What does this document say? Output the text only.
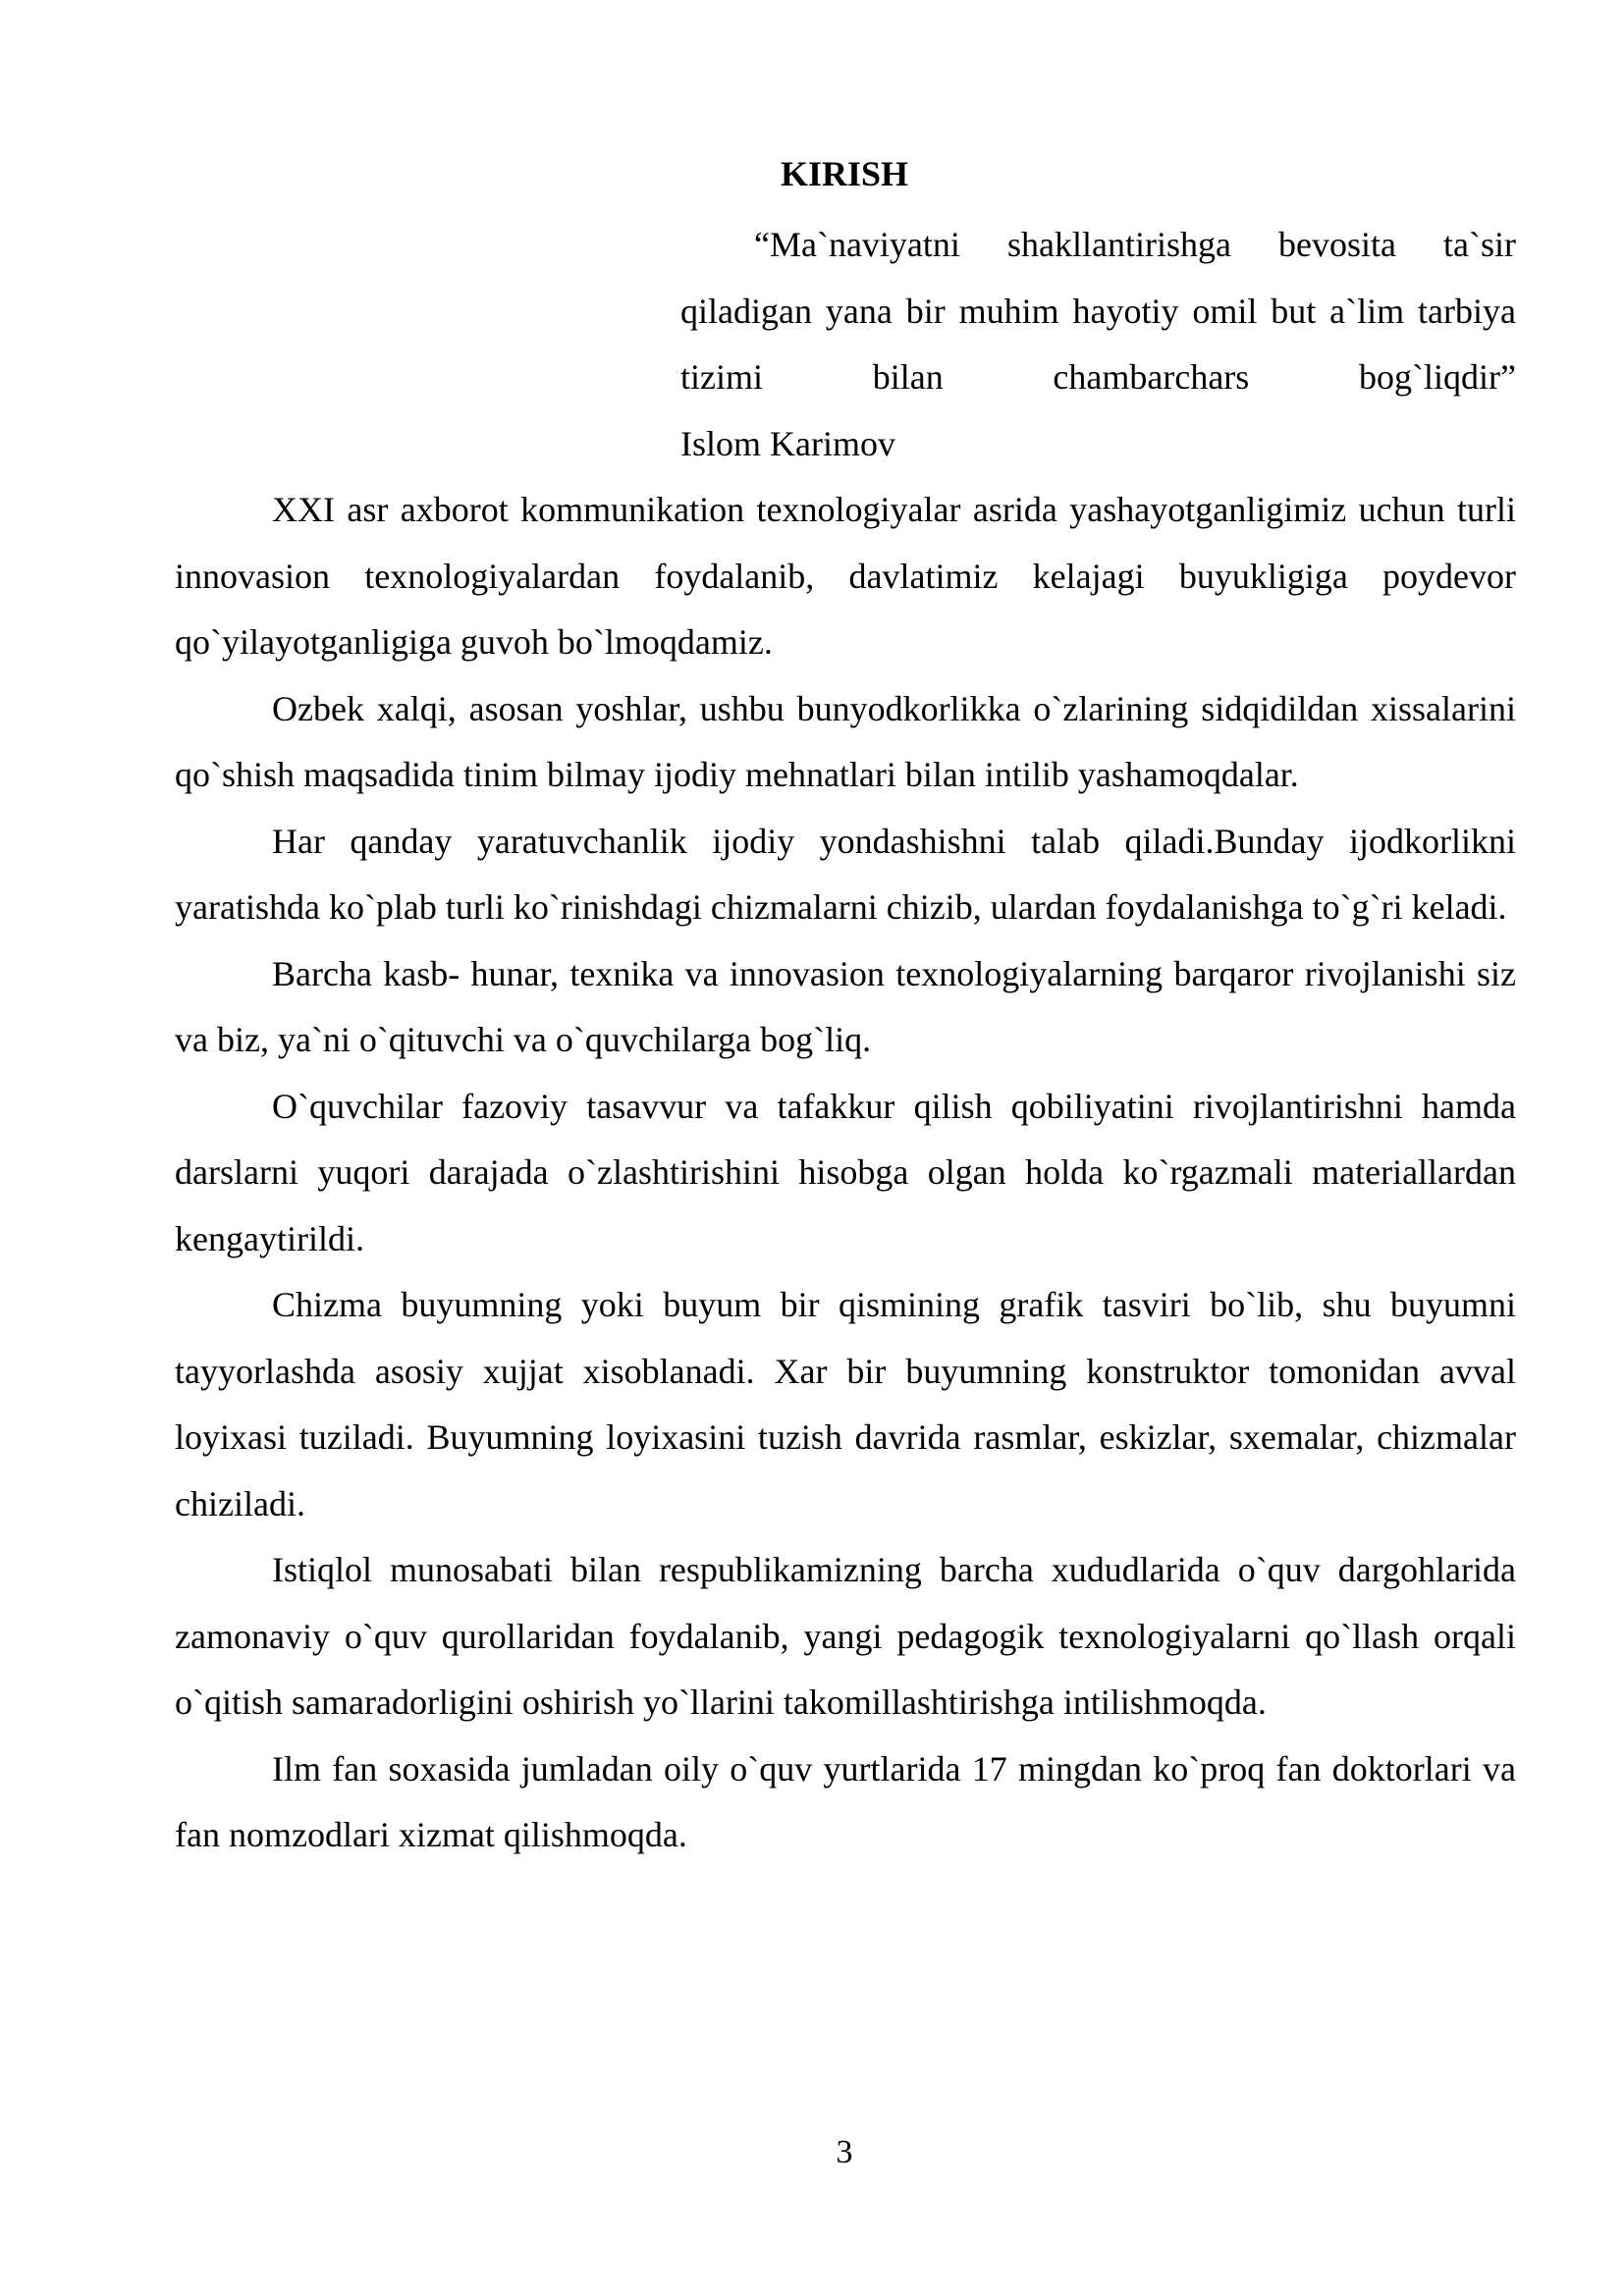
KIRISH

“Ma`naviyatni shakllantirishga bevosita ta`sir qiladigan yana bir muhim hayotiy omil but a`lim tarbiya tizimi bilan chambarchars bog`liqdir”

Islom Karimov

XXI asr axborot kommunikation texnologiyalar asrida yashayotganligimiz uchun turli innovasion texnologiyalardan foydalanib, davlatimiz kelajagi buyukligiga poydevor qo`yilayotganligiga guvoh bo`lmoqdamiz.

Ozbek xalqi, asosan yoshlar, ushbu bunyodkorlikka o`zlarining sidqidildan xissalarini qo`shish maqsadida tinim bilmay ijodiy mehnatlari bilan intilib yashamoqdalar.

Har qanday yaratuvchanlik ijodiy yondashishni talab qiladi.Bunday ijodkorlikni yaratishda ko`plab turli ko`rinishdagi chizmalarni chizib, ulardan foydalanishga to`g`ri keladi.

Barcha kasb- hunar, texnika va innovasion texnologiyalarning barqaror rivojlanishi siz va biz, ya`ni o`qituvchi va o`quvchilarga bog`liq.

O`quvchilar fazoviy tasavvur va tafakkur qilish qobiliyatini rivojlantirishni hamda darslarni yuqori darajada o`zlashtirishini hisobga olgan holda ko`rgazmali materiallardan kengaytirildi.

Chizma buyumning yoki buyum bir qismining grafik tasviri bo`lib, shu buyumni tayyorlashda asosiy xujjat xisoblanadi. Xar bir buyumning konstruktor tomonidan avval loyixasi tuziladi. Buyumning loyixasini tuzish davrida rasmlar, eskizlar, sxemalar, chizmalar chiziladi.

Istiqlol munosabati bilan respublikamizning barcha xududlarida o`quv dargohlarida zamonaviy o`quv qurollaridan foydalanib, yangi pedagogik texnologiyalarni qo`llash orqali o`qitish samaradorligini oshirish yo`llarini takomillashtirishga intilishmoqda.

Ilm fan soxasida jumladan oily o`quv yurtlarida 17 mingdan ko`proq fan doktorlari va fan nomzodlari xizmat qilishmoqda.

3
